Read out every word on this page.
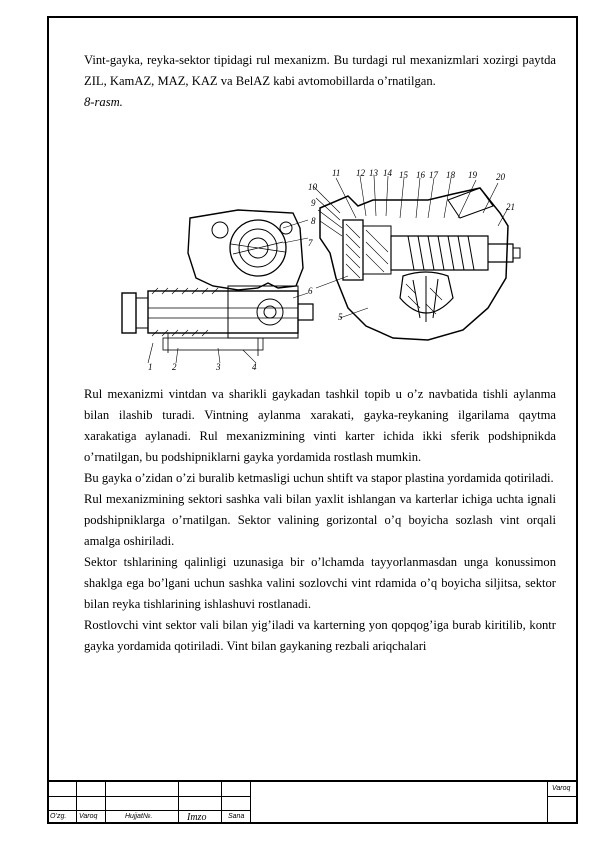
Vint-gayka, reyka-sektor tipidagi rul mexanizm. Bu turdagi rul mexanizmlari xozirgi paytda ZIL, KamAZ, MAZ, KAZ va BelAZ kabi avtomobillarda o’rnatilgan.

8-rasm.

1 2	3	4
5
6
7
8
9
10
11 12 13 14 15 16 17 18 19 20
21

Rul mexanizmi vintdan va sharikli gaykadan tashkil topib u o’z navbatida tishli aylanma bilan ilashib turadi. Vintning aylanma xarakati, gayka-reykaning ilgarilama qaytma xarakatiga aylanadi. Rul mexanizmining vinti karter ichida ikki sferik podshipnikda o’rnatilgan, bu podshipniklarni gayka yordamida rostlash mumkin.

Bu gayka o’zidan o’zi buralib ketmasligi uchun shtift va stapor plastina yordamida qotiriladi.

Rul mexanizmining sektori sashka vali bilan yaxlit ishlangan va karterlar ichiga uchta ignali podshipniklarga o’rnatilgan. Sektor valining gorizontal o’q boyicha sozlash vint orqali amalga oshiriladi.

Sektor tshlarining qalinligi uzunasiga bir o’lchamda tayyorlanmasdan unga konussimon shaklga ega bo’lgani uchun sashka valini sozlovchi vint rdamida o’q boyicha siljitsa, sektor bilan reyka tishlarining ishlashuvi rostlanadi.

Rostlovchi vint sektor vali bilan yig’iladi va karterning yon qopqog’iga burab kiritilib, kontr gayka yordamida qotiriladi. Vint bilan gaykaning rezbali ariqchalari

O’zg. Varoq	Hujjat№.	Imzo	Sana
Varoq
